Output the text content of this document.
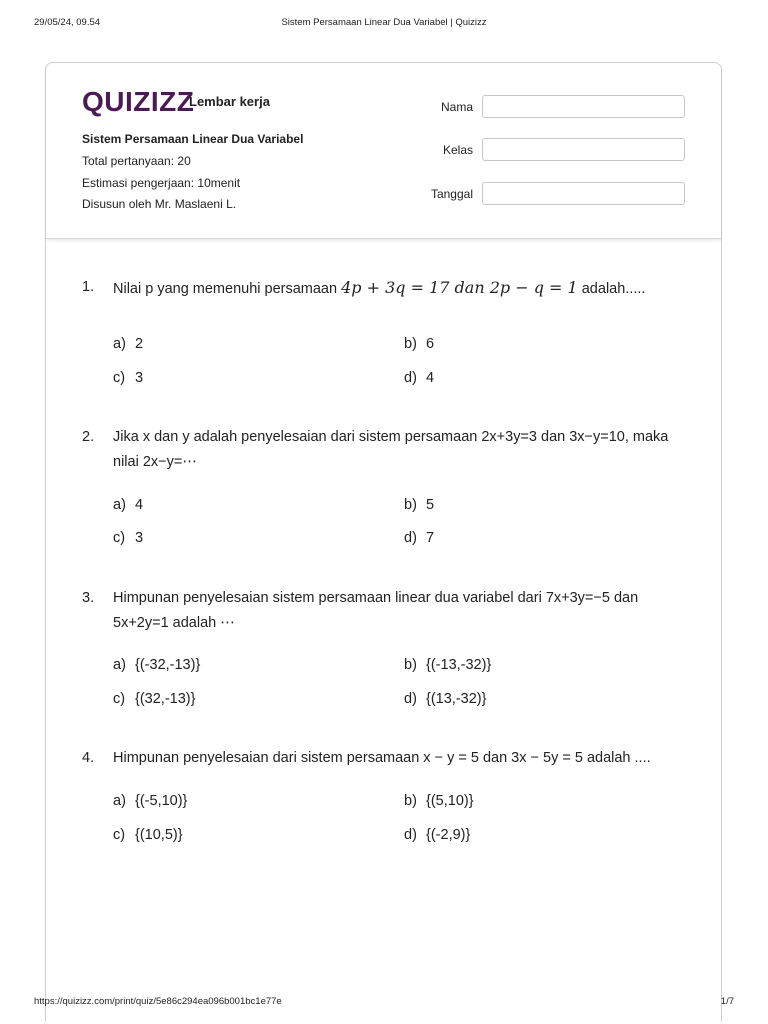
29/05/24, 09.54	Sistem Persamaan Linear Dua Variabel | Quizizz
QUIZIZZ
Lembar kerja
Sistem Persamaan Linear Dua Variabel
Total pertanyaan: 20
Estimasi pengerjaan: 10menit
Disusun oleh Mr. Maslaeni L.
Nama
Kelas
Tanggal
1. Nilai p yang memenuhi persamaan 4p + 3q = 17 dan 2p − q = 1 adalah.....
a) 2	b) 6
c) 3	d) 4
2. Jika x dan y adalah penyelesaian dari sistem persamaan 2x+3y=3 dan 3x−y=10, maka nilai 2x−y=⋯
a) 4	b) 5
c) 3	d) 7
3. Himpunan penyelesaian sistem persamaan linear dua variabel dari 7x+3y=−5 dan 5x+2y=1 adalah ⋯
a) {(-32,-13)}	b) {(-13,-32)}
c) {(32,-13)}	d) {(13,-32)}
4. Himpunan penyelesaian dari sistem persamaan x − y = 5 dan 3x − 5y = 5 adalah ....
a) {(-5,10)}	b) {(5,10)}
c) {(10,5)}	d) {(-2,9)}
https://quizizz.com/print/quiz/5e86c294ea096b001bc1e77e	1/7
